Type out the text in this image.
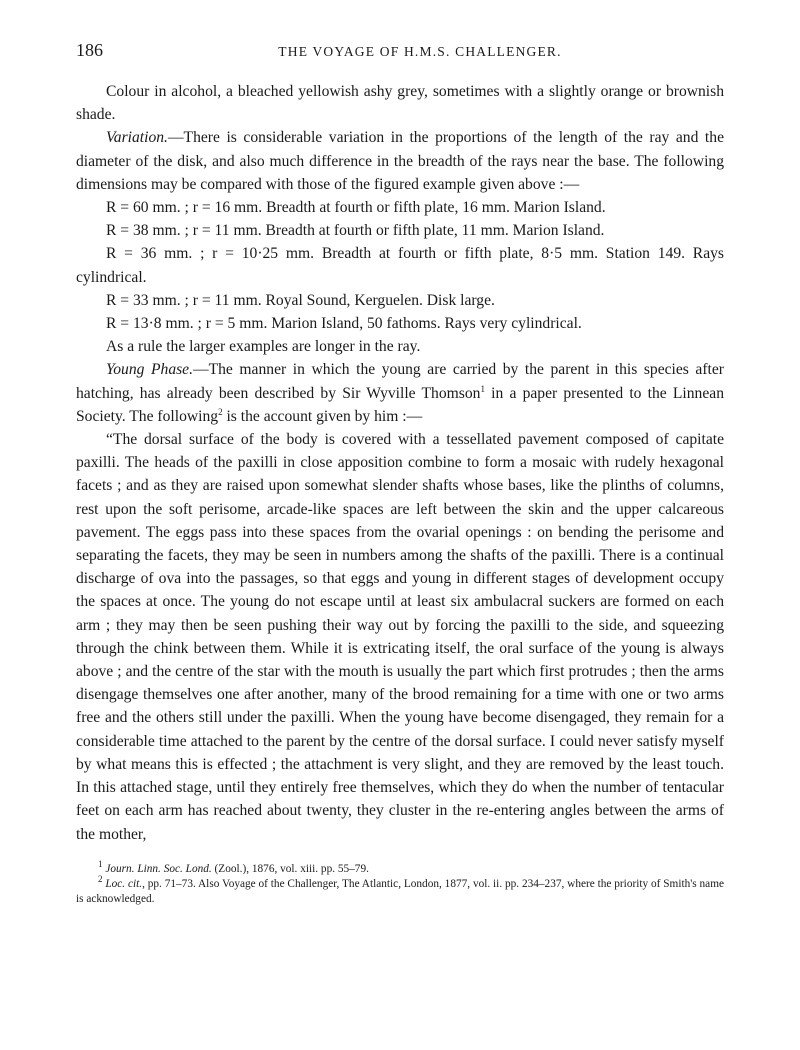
186	THE VOYAGE OF H.M.S. CHALLENGER.

Colour in alcohol, a bleached yellowish ashy grey, sometimes with a slightly orange or brownish shade.

Variation.—There is considerable variation in the proportions of the length of the ray and the diameter of the disk, and also much difference in the breadth of the rays near the base. The following dimensions may be compared with those of the figured example given above :—

R = 60 mm. ; r = 16 mm. Breadth at fourth or fifth plate, 16 mm. Marion Island.

R = 38 mm. ; r = 11 mm. Breadth at fourth or fifth plate, 11 mm. Marion Island.

R = 36 mm. ; r = 10·25 mm. Breadth at fourth or fifth plate, 8·5 mm. Station 149. Rays cylindrical.

R = 33 mm. ; r = 11 mm. Royal Sound, Kerguelen. Disk large.

R = 13·8 mm. ; r = 5 mm. Marion Island, 50 fathoms. Rays very cylindrical.

As a rule the larger examples are longer in the ray.

Young Phase.—The manner in which the young are carried by the parent in this species after hatching, has already been described by Sir Wyville Thomson$^1$ in a paper presented to the Linnean Society. The following$^2$ is the account given by him :—

“The dorsal surface of the body is covered with a tessellated pavement composed of capitate paxilli. The heads of the paxilli in close apposition combine to form a mosaic with rudely hexagonal facets ; and as they are raised upon somewhat slender shafts whose bases, like the plinths of columns, rest upon the soft perisome, arcade-like spaces are left between the skin and the upper calcareous pavement. The eggs pass into these spaces from the ovarial openings : on bending the perisome and separating the facets, they may be seen in numbers among the shafts of the paxilli. There is a continual discharge of ova into the passages, so that eggs and young in different stages of development occupy the spaces at once. The young do not escape until at least six ambulacral suckers are formed on each arm ; they may then be seen pushing their way out by forcing the paxilli to the side, and squeezing through the chink between them. While it is extricating itself, the oral surface of the young is always above ; and the centre of the star with the mouth is usually the part which first protrudes ; then the arms disengage themselves one after another, many of the brood remaining for a time with one or two arms free and the others still under the paxilli. When the young have become disengaged, they remain for a considerable time attached to the parent by the centre of the dorsal surface. I could never satisfy myself by what means this is effected ; the attachment is very slight, and they are removed by the least touch. In this attached stage, until they entirely free themselves, which they do when the number of tentacular feet on each arm has reached about twenty, they cluster in the re-entering angles between the arms of the mother,

$^1$ Journ. Linn. Soc. Lond. (Zool.), 1876, vol. xiii. pp. 55–79.

$^2$ Loc. cit., pp. 71–73. Also Voyage of the Challenger, The Atlantic, London, 1877, vol. ii. pp. 234–237, where the priority of Smith's name is acknowledged.
